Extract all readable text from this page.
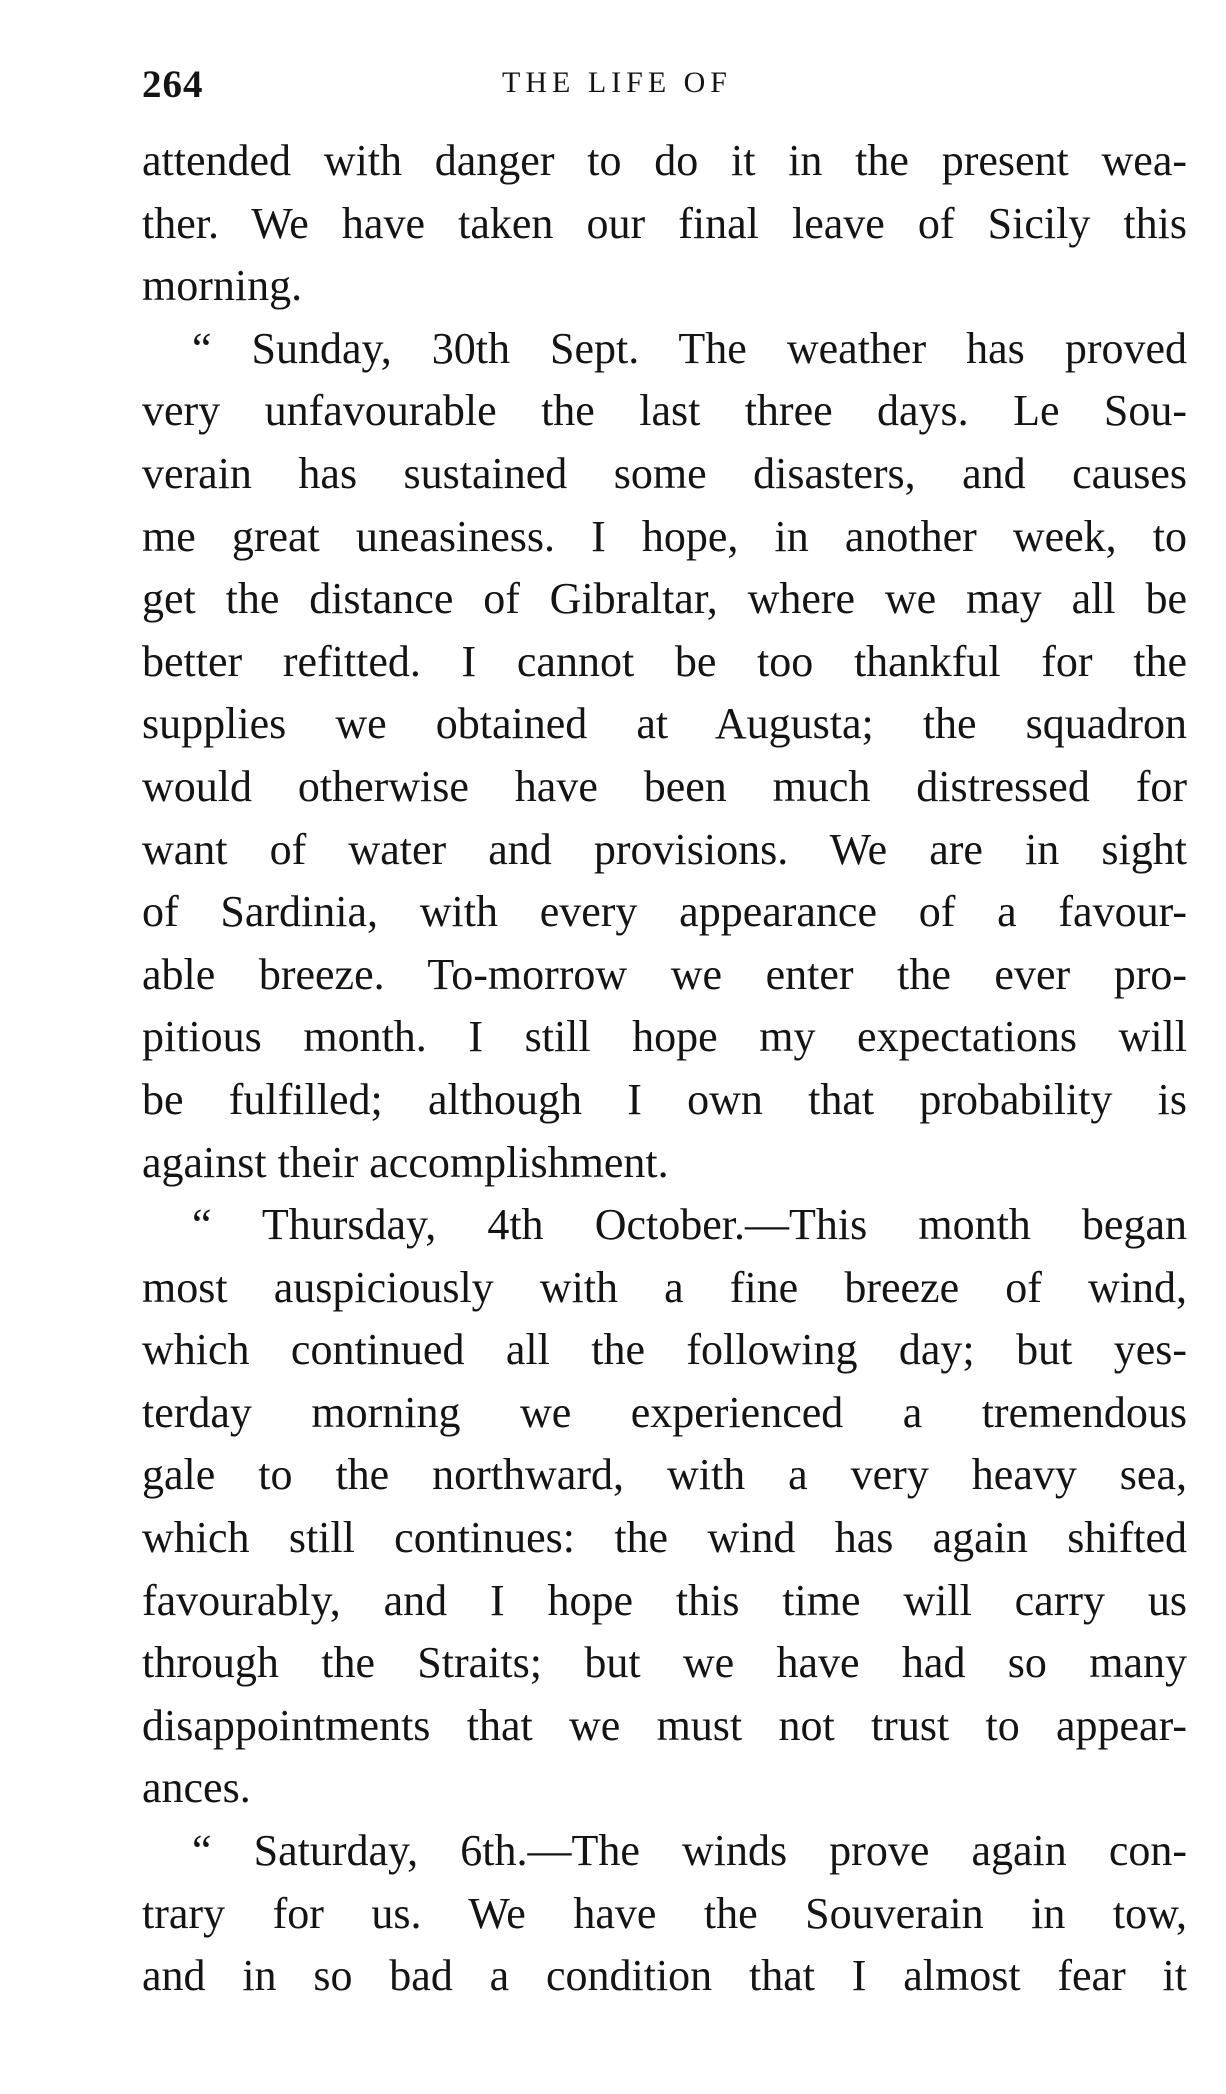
264	THE LIFE OF
attended with danger to do it in the present wea-
ther. We have taken our final leave of Sicily this
morning.
“ Sunday, 30th Sept. The weather has proved
very unfavourable the last three days. Le Sou-
verain has sustained some disasters, and causes
me great uneasiness. I hope, in another week, to
get the distance of Gibraltar, where we may all be
better refitted. I cannot be too thankful for the
supplies we obtained at Augusta; the squadron
would otherwise have been much distressed for
want of water and provisions. We are in sight
of Sardinia, with every appearance of a favour-
able breeze. To-morrow we enter the ever pro-
pitious month. I still hope my expectations will
be fulfilled; although I own that probability is
against their accomplishment.
“ Thursday, 4th October.—This month began
most auspiciously with a fine breeze of wind,
which continued all the following day; but yes-
terday morning we experienced a tremendous
gale to the northward, with a very heavy sea,
which still continues: the wind has again shifted
favourably, and I hope this time will carry us
through the Straits; but we have had so many
disappointments that we must not trust to appear-
ances.
“ Saturday, 6th.—The winds prove again con-
trary for us. We have the Souverain in tow,
and in so bad a condition that I almost fear it
